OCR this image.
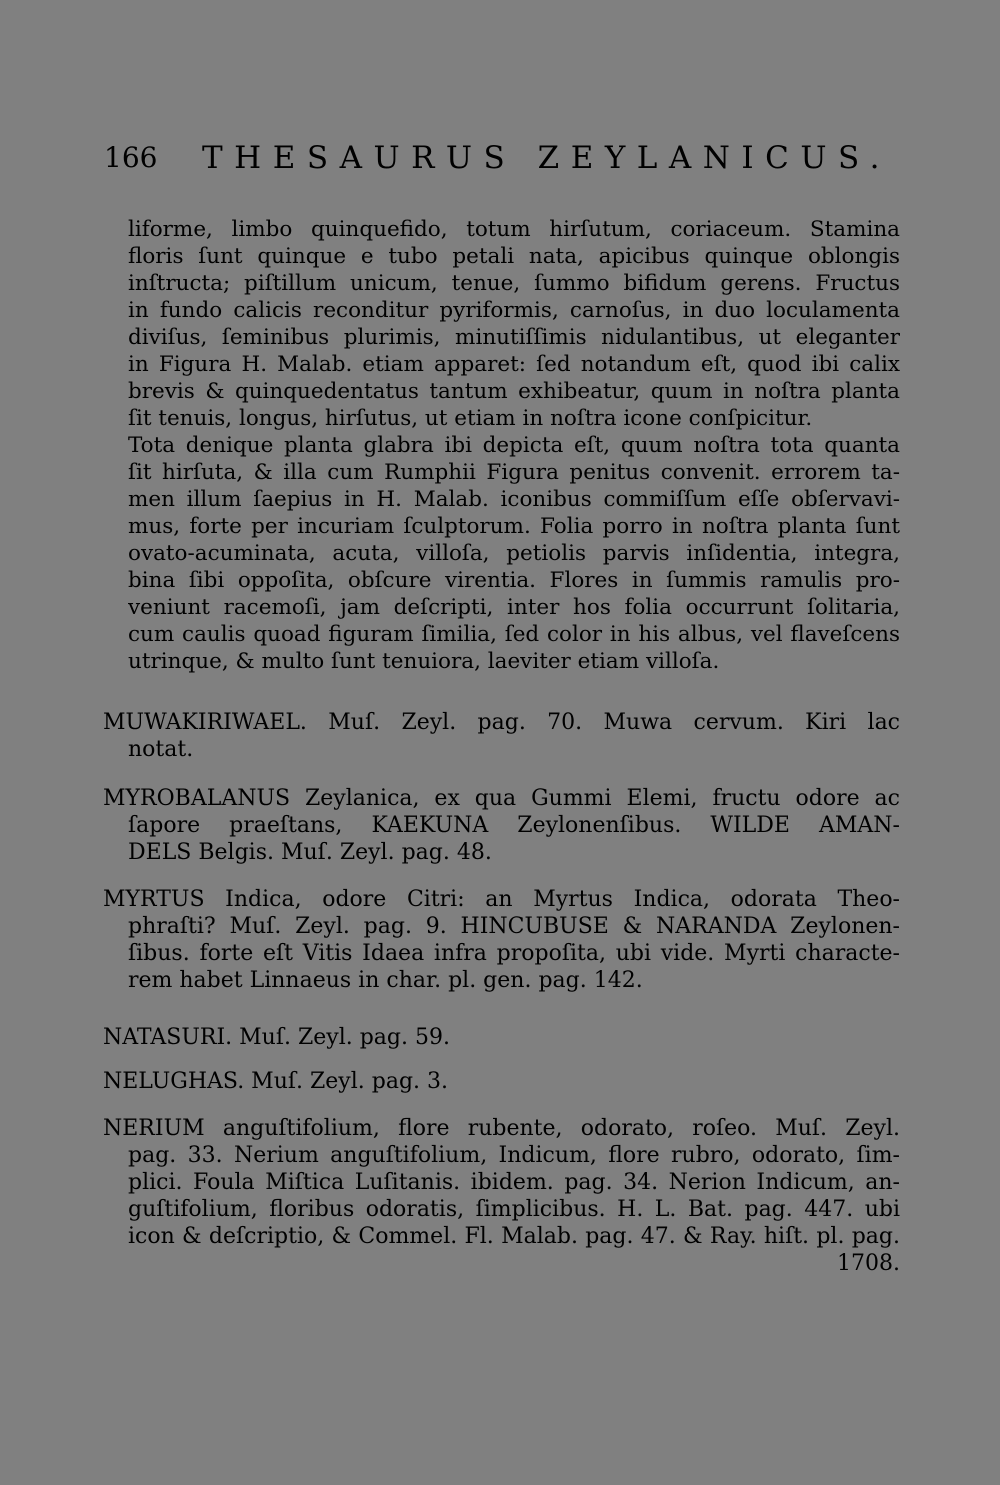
166 THESAURUS ZEYLANICUS.
liforme, limbo quinquefido, totum hirſutum, coriaceum. Stamina
floris ſunt quinque e tubo petali nata, apicibus quinque oblongis
inſtructa; piſtillum unicum, tenue, ſummo bifidum gerens. Fructus
in fundo calicis reconditur pyriformis, carnoſus, in duo loculamenta
diviſus, ſeminibus plurimis, minutiſſimis nidulantibus, ut eleganter
in Figura H. Malab. etiam apparet: ſed notandum eſt, quod ibi calix
brevis & quinquedentatus tantum exhibeatur, quum in noſtra planta
ſit tenuis, longus, hirſutus, ut etiam in noſtra icone conſpicitur.
Tota denique planta glabra ibi depicta eſt, quum noſtra tota quanta
ſit hirſuta, & illa cum Rumphii Figura penitus convenit. errorem ta-
men illum ſaepius in H. Malab. iconibus commiſſum eſſe obſervavi-
mus, forte per incuriam ſculptorum. Folia porro in noſtra planta ſunt
ovato-acuminata, acuta, villoſa, petiolis parvis inſidentia, integra,
bina ſibi oppoſita, obſcure virentia. Flores in ſummis ramulis pro-
veniunt racemoſi, jam deſcripti, inter hos folia occurrunt ſolitaria,
cum caulis quoad figuram ſimilia, ſed color in his albus, vel flaveſcens
utrinque, & multo ſunt tenuiora, laeviter etiam villoſa.
MUWAKIRIWAEL. Muſ. Zeyl. pag. 70. Muwa cervum. Kiri lac
notat.
MYROBALANUS Zeylanica, ex qua Gummi Elemi, fructu odore ac
ſapore praeſtans, KAEKUNA Zeylonenſibus. WILDE AMAN-
DELS Belgis. Muſ. Zeyl. pag. 48.
MYRTUS Indica, odore Citri: an Myrtus Indica, odorata Theo-
phraſti? Muſ. Zeyl. pag. 9. HINCUBUSE & NARANDA Zeylonen-
ſibus. forte eſt Vitis Idaea infra propoſita, ubi vide. Myrti characte-
rem habet Linnaeus in char. pl. gen. pag. 142.
NATASURI. Muſ. Zeyl. pag. 59.
NELUGHAS. Muſ. Zeyl. pag. 3.
NERIUM anguſtifolium, flore rubente, odorato, roſeo. Muſ. Zeyl.
pag. 33. Nerium anguſtifolium, Indicum, flore rubro, odorato, ſim-
plici. Foula Miſtica Luſitanis. ibidem. pag. 34. Nerion Indicum, an-
guſtifolium, floribus odoratis, ſimplicibus. H. L. Bat. pag. 447. ubi
icon & deſcriptio, & Commel. Fl. Malab. pag. 47. & Ray. hiſt. pl. pag.
1708.
